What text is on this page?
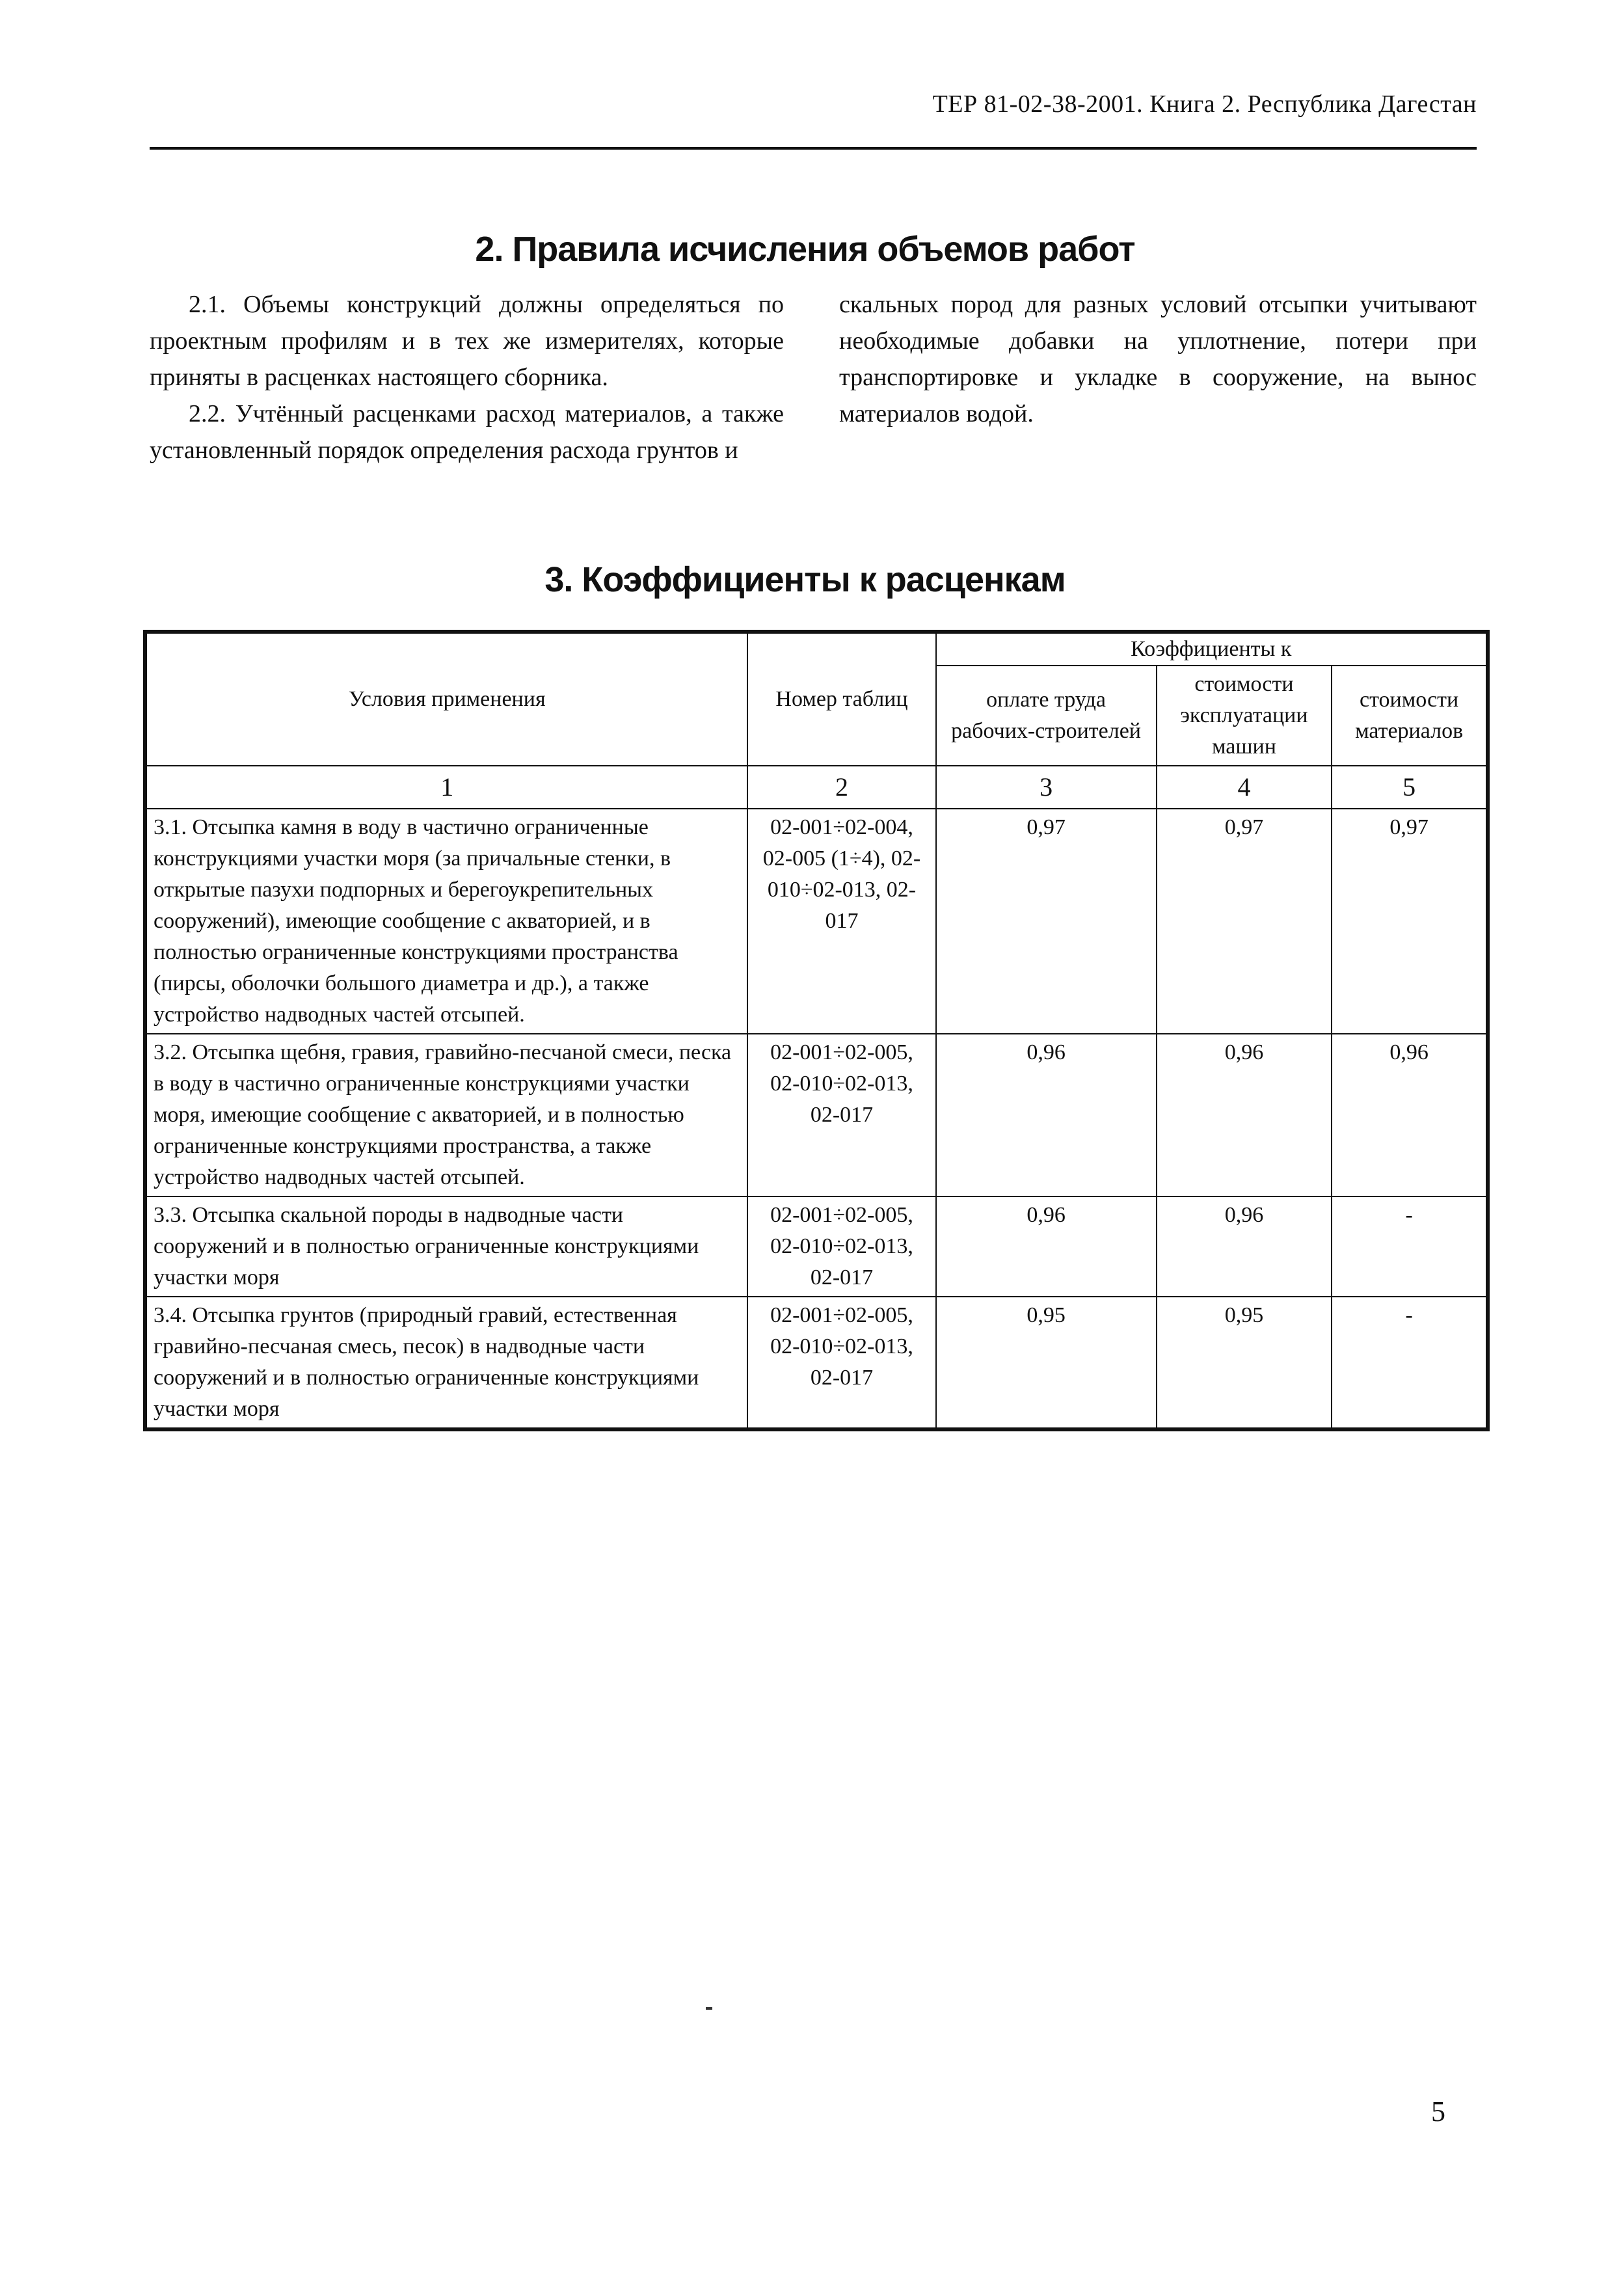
ТЕР 81-02-38-2001. Книга 2. Республика Дагестан
2. Правила исчисления объемов работ

2.1. Объемы конструкций должны определяться по проектным профилям и в тех же измерителях, которые приняты в расценках настоящего сборника.

2.2. Учтённый расценками расход материалов, а также установленный порядок определения расхода грунтов и

скальных пород для разных условий отсыпки учитывают необходимые добавки на уплотнение, потери при транспортировке и укладке в сооружение, на вынос материалов водой.

3. Коэффициенты к расценкам
Условия применения	Номер таблиц	Коэффициенты к		
		оплате труда рабочих-строителей	стоимости эксплуатации машин	стоимости материалов
1	2	3	4	5
3.1. Отсыпка камня в воду в частично ограниченные конструкциями участки моря (за причальные стенки, в открытые пазухи подпорных и берегоукрепительных сооружений), имеющие сообщение с акваторией, и в полностью ограниченные конструкциями пространства (пирсы, оболочки большого диаметра и др.), а также устройство надводных частей отсыпей.	02-001÷02-004, 02-005 (1÷4), 02-010÷02-013, 02-017	0,97	0,97	0,97
3.2. Отсыпка щебня, гравия, гравийно-песчаной смеси, песка в воду в частично ограниченные конструкциями участки моря, имеющие сообщение с акваторией, и в полностью ограниченные конструкциями пространства, а также устройство надводных частей отсыпей.	02-001÷02-005, 02-010÷02-013, 02-017	0,96	0,96	0,96
3.3. Отсыпка скальной породы в надводные части сооружений и в полностью ограниченные конструкциями участки моря	02-001÷02-005, 02-010÷02-013, 02-017	0,96	0,96	-
3.4. Отсыпка грунтов (природный гравий, естественная гравийно-песчаная смесь, песок) в надводные части сооружений и в полностью ограниченные конструкциями участки моря	02-001÷02-005, 02-010÷02-013, 02-017	0,95	0,95	-
5
